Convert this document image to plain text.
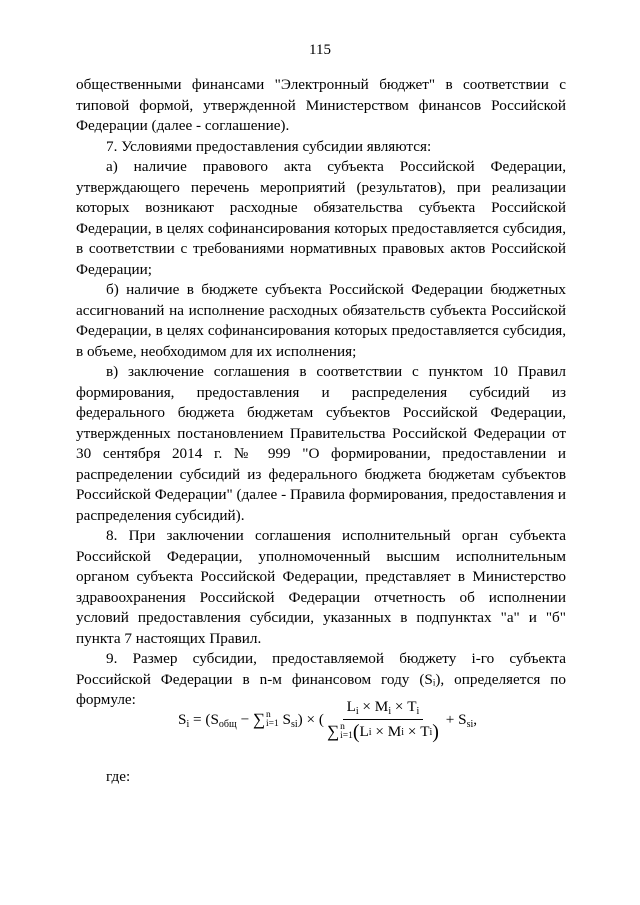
115

общественными финансами "Электронный бюджет" в соответствии с типовой формой, утвержденной Министерством финансов Российской Федерации (далее - соглашение).

7. Условиями предоставления субсидии являются:

а) наличие правового акта субъекта Российской Федерации, утверждающего перечень мероприятий (результатов), при реализации которых возникают расходные обязательства субъекта Российской Федерации, в целях софинансирования которых предоставляется субсидия, в соответствии с требованиями нормативных правовых актов Российской Федерации;

б) наличие в бюджете субъекта Российской Федерации бюджетных ассигнований на исполнение расходных обязательств субъекта Российской Федерации, в целях софинансирования которых предоставляется субсидия, в объеме, необходимом для их исполнения;

в) заключение соглашения в соответствии с пунктом 10 Правил формирования, предоставления и распределения субсидий из федерального бюджета бюджетам субъектов Российской Федерации, утвержденных постановлением Правительства Российской Федерации от 30 сентября 2014 г. № 999 "О формировании, предоставлении и распределении субсидий из федерального бюджета бюджетам субъектов Российской Федерации" (далее - Правила формирования, предоставления и распределения субсидий).

8. При заключении соглашения исполнительный орган субъекта Российской Федерации, уполномоченный высшим исполнительным органом субъекта Российской Федерации, представляет в Министерство здравоохранения Российской Федерации отчетность об исполнении условий предоставления субсидии, указанных в подпунктах "а" и "б" пункта 7 настоящих Правил.

9. Размер субсидии, предоставляемой бюджету i-го субъекта Российской Федерации в n-м финансовом году (Sᵢ), определяется по формуле:

$S_i$ = ( $S_{общ}$ − ∑ n
i=1 $S_{si}$ ) × ( $L_i \times M_i \times T_i$
∑ n
i=1 ( L i × M i × T i ) + $S_{si}$,
где:
